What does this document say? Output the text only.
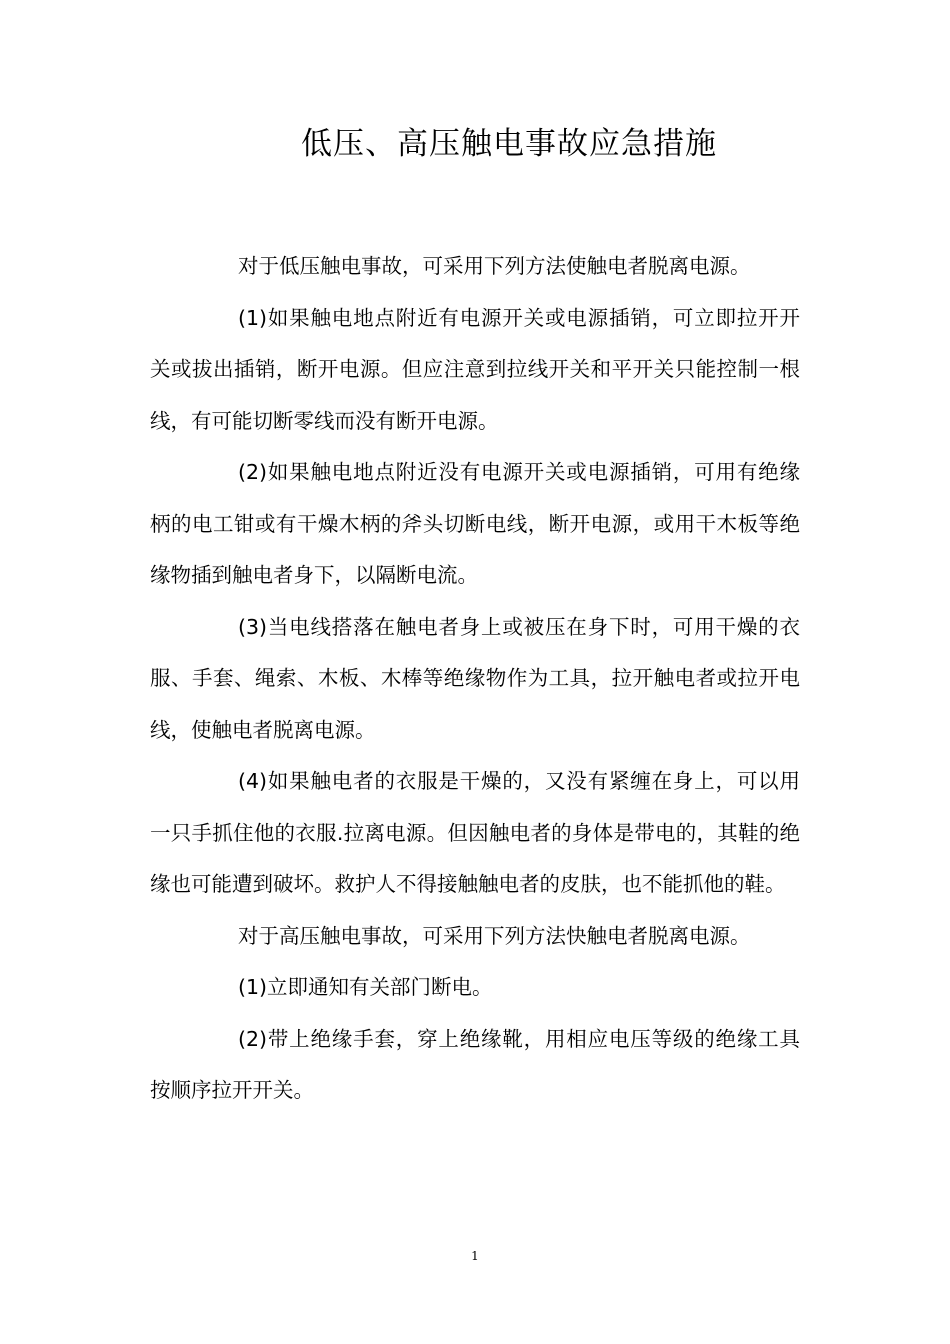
低压、高压触电事故应急措施

对于低压触电事故，可采用下列方法使触电者脱离电源。

(1)如果触电地点附近有电源开关或电源插销，可立即拉开开关或拔出插销，断开电源。但应注意到拉线开关和平开关只能控制一根线，有可能切断零线而没有断开电源。

(2)如果触电地点附近没有电源开关或电源插销，可用有绝缘柄的电工钳或有干燥木柄的斧头切断电线，断开电源，或用干木板等绝缘物插到触电者身下，以隔断电流。

(3)当电线搭落在触电者身上或被压在身下时，可用干燥的衣服、手套、绳索、木板、木棒等绝缘物作为工具，拉开触电者或拉开电线，使触电者脱离电源。

(4)如果触电者的衣服是干燥的，又没有紧缠在身上，可以用一只手抓住他的衣服.拉离电源。但因触电者的身体是带电的，其鞋的绝缘也可能遭到破坏。救护人不得接触触电者的皮肤，也不能抓他的鞋。

对于高压触电事故，可采用下列方法快触电者脱离电源。

(1)立即通知有关部门断电。

(2)带上绝缘手套，穿上绝缘靴，用相应电压等级的绝缘工具按顺序拉开开关。

1
